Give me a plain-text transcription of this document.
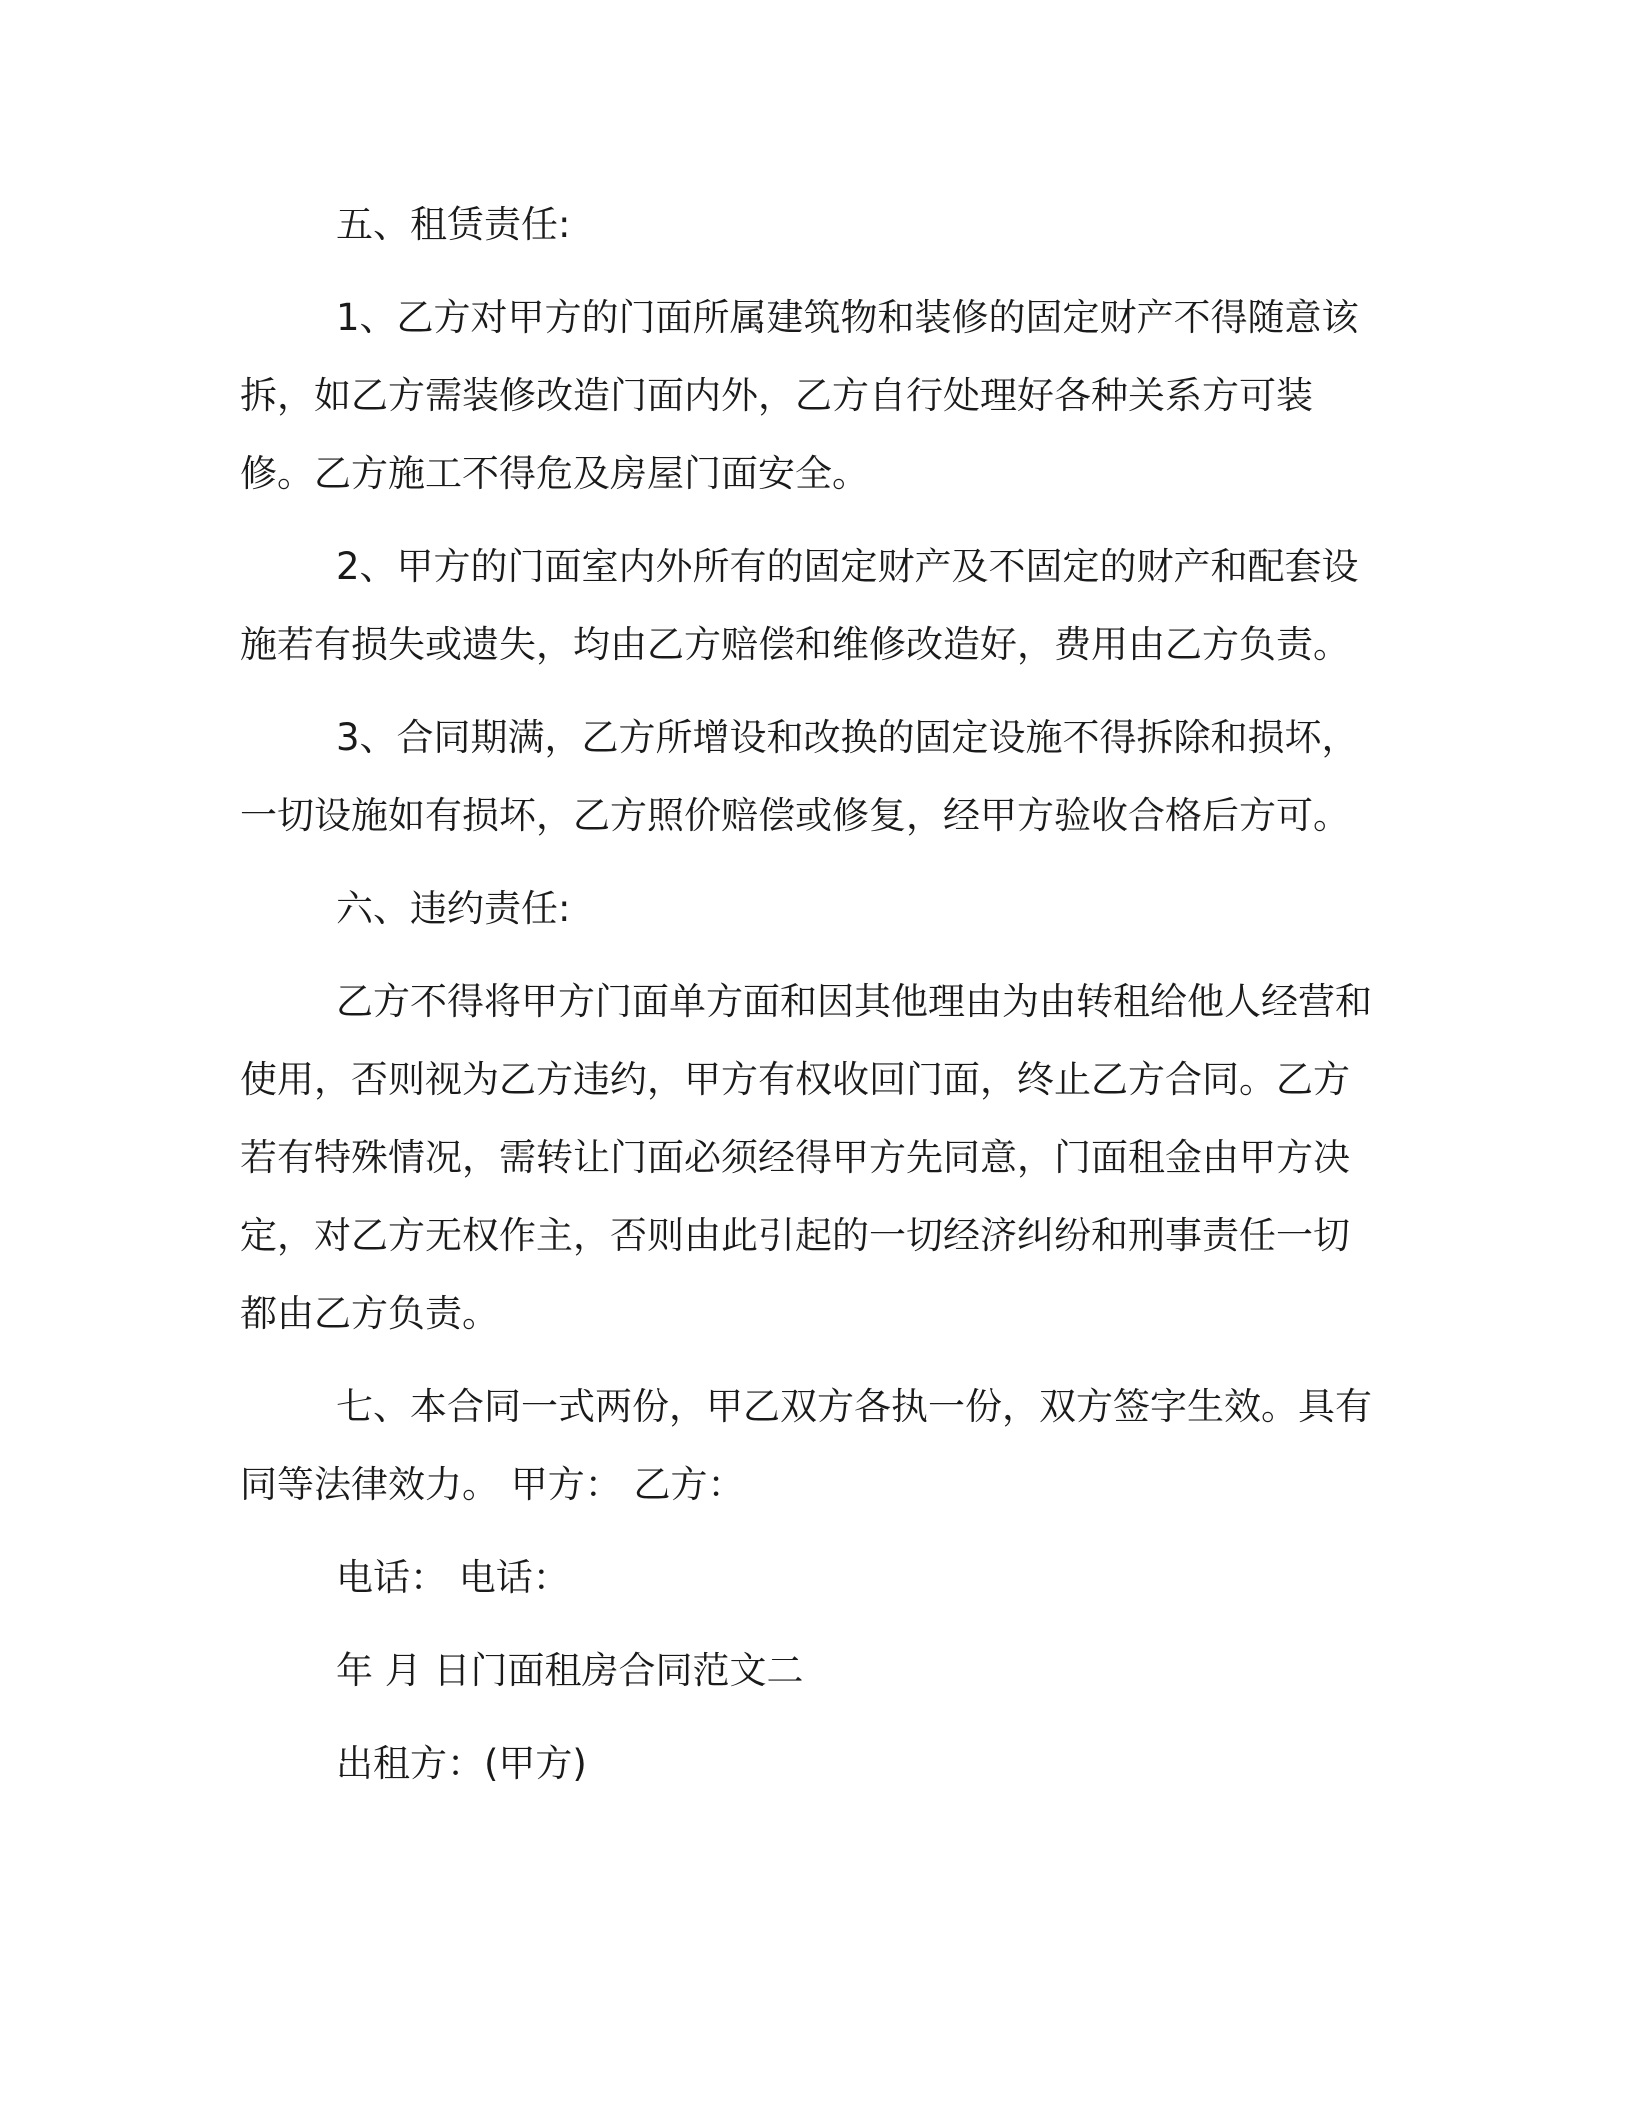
五、租赁责任:

1、乙方对甲方的门面所属建筑物和装修的固定财产不得随意该拆，如乙方需装修改造门面内外，乙方自行处理好各种关系方可装修。乙方施工不得危及房屋门面安全。

2、甲方的门面室内外所有的固定财产及不固定的财产和配套设施若有损失或遗失，均由乙方赔偿和维修改造好，费用由乙方负责。

3、合同期满，乙方所增设和改换的固定设施不得拆除和损坏，一切设施如有损坏，乙方照价赔偿或修复，经甲方验收合格后方可。

六、违约责任:

乙方不得将甲方门面单方面和因其他理由为由转租给他人经营和使用，否则视为乙方违约，甲方有权收回门面，终止乙方合同。乙方若有特殊情况，需转让门面必须经得甲方先同意，门面租金由甲方决定，对乙方无权作主，否则由此引起的一切经济纠纷和刑事责任一切都由乙方负责。

七、本合同一式两份，甲乙双方各执一份，双方签字生效。具有同等法律效力。 甲方： 乙方：

电话： 电话：

年 月 日门面租房合同范文二

出租方：(甲方)
